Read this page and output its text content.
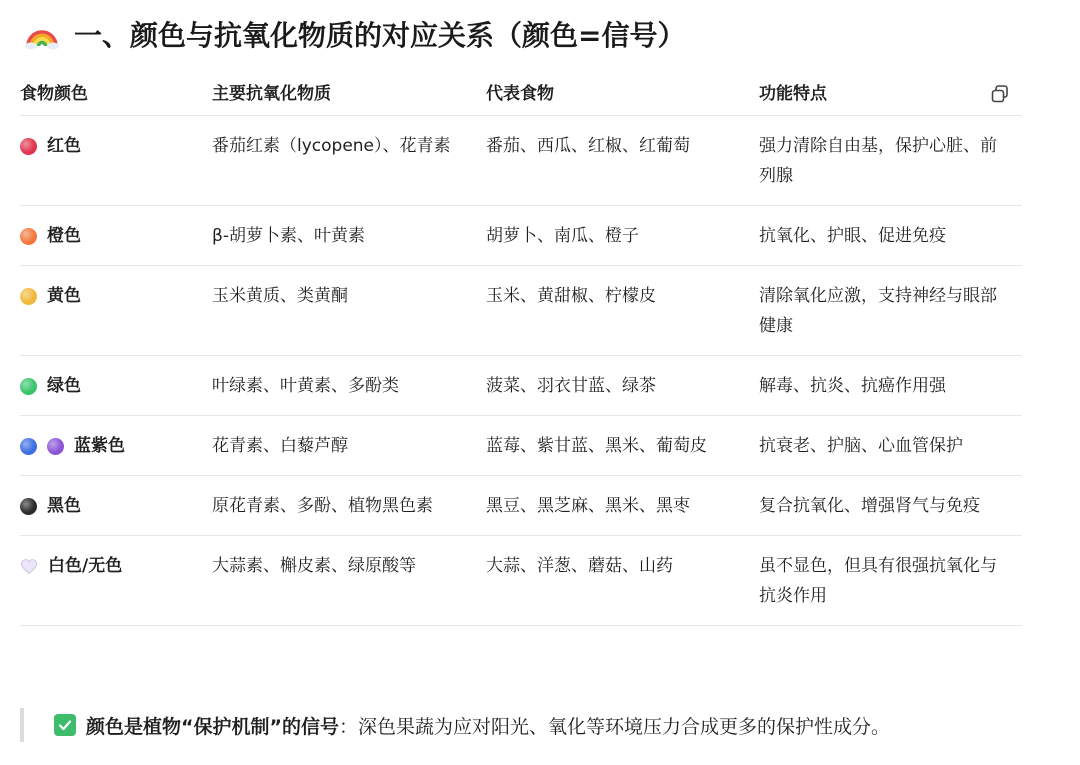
一、颜色与抗氧化物质的对应关系（颜色=信号）
食物颜色	主要抗氧化物质	代表食物	功能特点
红色	番茄红素（lycopene）、花青素	番茄、西瓜、红椒、红葡萄	强力清除自由基，保护心脏、前列腺
橙色	β-胡萝卜素、叶黄素	胡萝卜、南瓜、橙子	抗氧化、护眼、促进免疫
黄色	玉米黄质、类黄酮	玉米、黄甜椒、柠檬皮	清除氧化应激，支持神经与眼部健康
绿色	叶绿素、叶黄素、多酚类	菠菜、羽衣甘蓝、绿茶	解毒、抗炎、抗癌作用强
蓝紫色	花青素、白藜芦醇	蓝莓、紫甘蓝、黑米、葡萄皮	抗衰老、护脑、心血管保护
黑色	原花青素、多酚、植物黑色素	黑豆、黑芝麻、黑米、黑枣	复合抗氧化、增强肾气与免疫
白色/无色	大蒜素、槲皮素、绿原酸等	大蒜、洋葱、蘑菇、山药	虽不显色，但具有很强抗氧化与抗炎作用
颜色是植物“保护机制”的信号：深色果蔬为应对阳光、氧化等环境压力合成更多的保护性成分。
